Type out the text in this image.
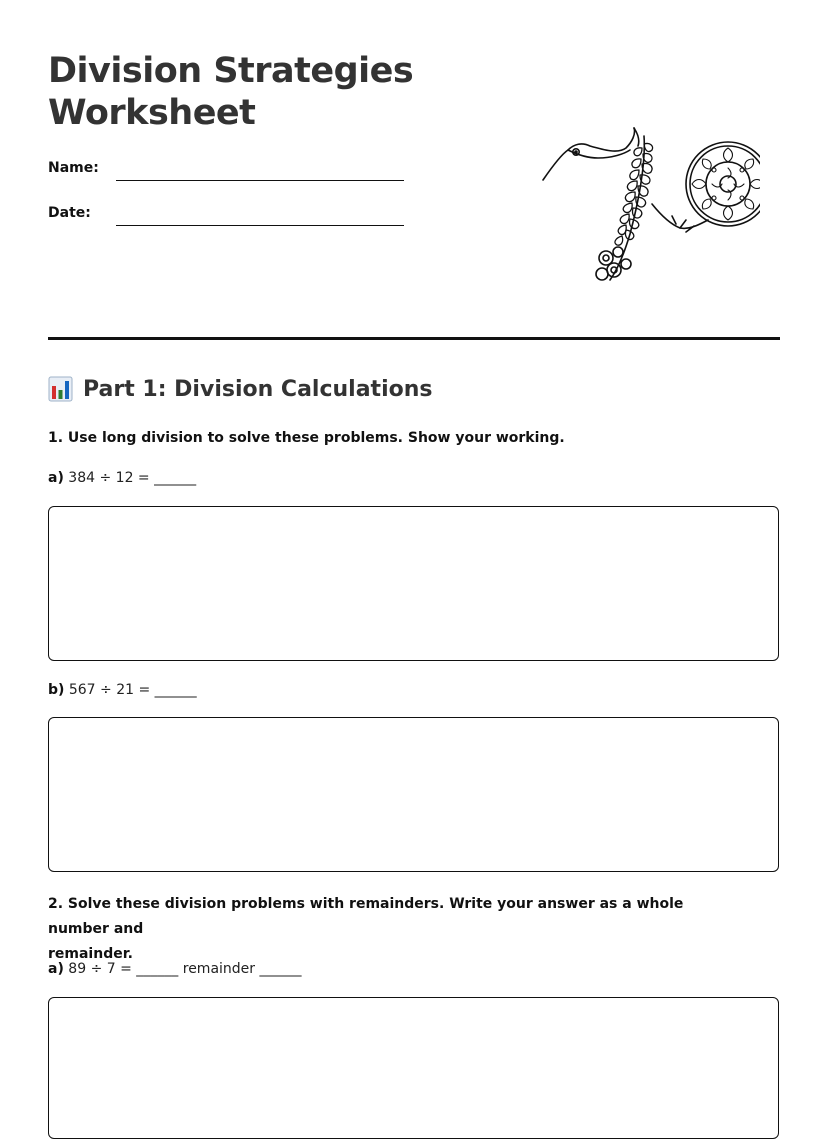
Division Strategies
Worksheet
Name:
Date:
Part 1: Division Calculations
1. Use long division to solve these problems. Show your working.
a) 384 ÷ 12 = ______
b) 567 ÷ 21 = ______
2. Solve these division problems with remainders. Write your answer as a whole number and
remainder.
a) 89 ÷ 7 = ______ remainder ______
